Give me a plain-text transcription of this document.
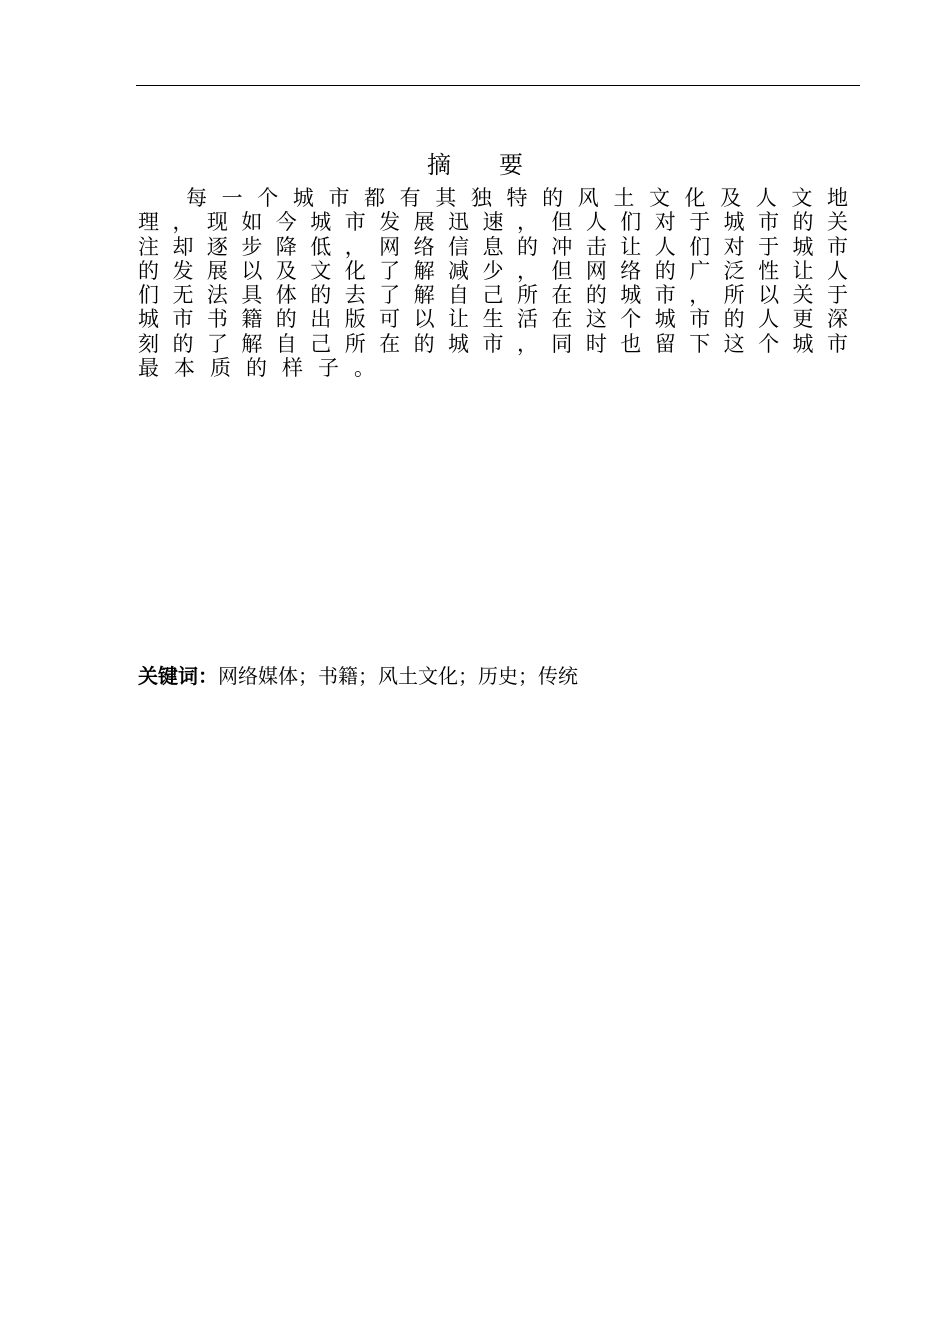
摘要
每​一​个​城​市​都​有​其​独​特​的​风​土​文​化​及​人​文​地
理​，​现​如​今​城​市​发​展​迅​速​，​但​人​们​对​于​城​市​的​关
注​却​逐​步​降​低​，​网​络​信​息​的​冲​击​让​人​们​对​于​城​市
的​发​展​以​及​文​化​了​解​减​少​，​但​网​络​的​广​泛​性​让​人
们​无​法​具​体​的​去​了​解​自​己​所​在​的​城​市​，​所​以​关​于
城​市​书​籍​的​出​版​可​以​让​生​活​在​这​个​城​市​的​人​更​深
刻​的​了​解​自​己​所​在​的​城​市​，​同​时​也​留​下​这​个​城​市
最本质的样子。
关键词：网络媒体；书籍；风土文化；历史；传统
